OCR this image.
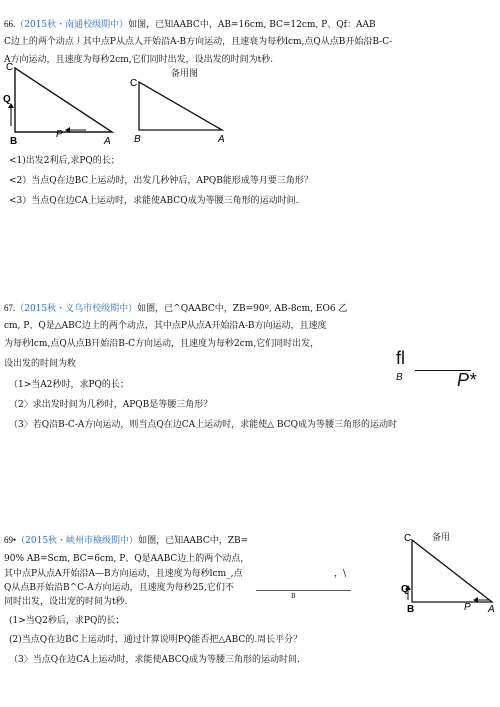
66.（2015秋・南通校级期中）如图，已知AABC中，AB=16cm, BC=12cm, P、Qf：AAB
C边上的两个动点丿其中点P从点人开始沿A-B方向运动，且速衰为每秒lcm,点Q从点B开始沿B-C-
A方向运动，且速度为每秒2cm,它们同时出发，设出发的时间为t秒.
备用图
C
Q
B
P
A
C
B	A
<1)出发2利后,求PQ的长；
<2）当点Q在边BC上运动时，出发几秒钟后，APQB能形成等月要三角形？
<3）当点Q在边CA上运动时，求能使ABCQ成为等腰三角形的运动时间.
67.（2015秋・义乌市校级期中）如圏，已^QAABC中，ZB=90º, AB-8cm, EO6 乙
cm, P、Q是△ABC边上的两个动点，其中点P从点A开始沿A-B方向运动，且速度
为每秒lcm,点Q从点B幵始沿B-C方向运动，且速度为每秒2cm,它们同时出发，
设出发的时间为敉	fl
B	P*
（1>当A2秒时，求PQ的长；
（2〉求出发时间为几秒时，APQB是等腰三角形？
（3〉若Q沿B-C-A方向运动，则当点Q在边CA上运动时，求能使△ BCQ成为等腰三角形的运动时
69•（2015秋・峡州市檢级期中）如圏，已知AABC中，ZB=
90% AB=Scm, BC=6cm, P、Q是AABC边上的两个动点，
其中点P从点A开始沿A—B方向运动，且速度为每秒lcm_,点	，\
Q从点B开始沿B^C-A方向运动，且速度为每秒25,它们不
B
同时出发，设出宠的时间为t秒.
(1>当Q2秒后，求PQ的长；
(2)当点Q在边BC上运动时，通过计算说明PQ能否把△ABC的.周长平分？
（3〉当点Q在边CA上运动时，求能使ABCQ成为等腰三角形的运动时间.
备用
C
Q
B	P A
